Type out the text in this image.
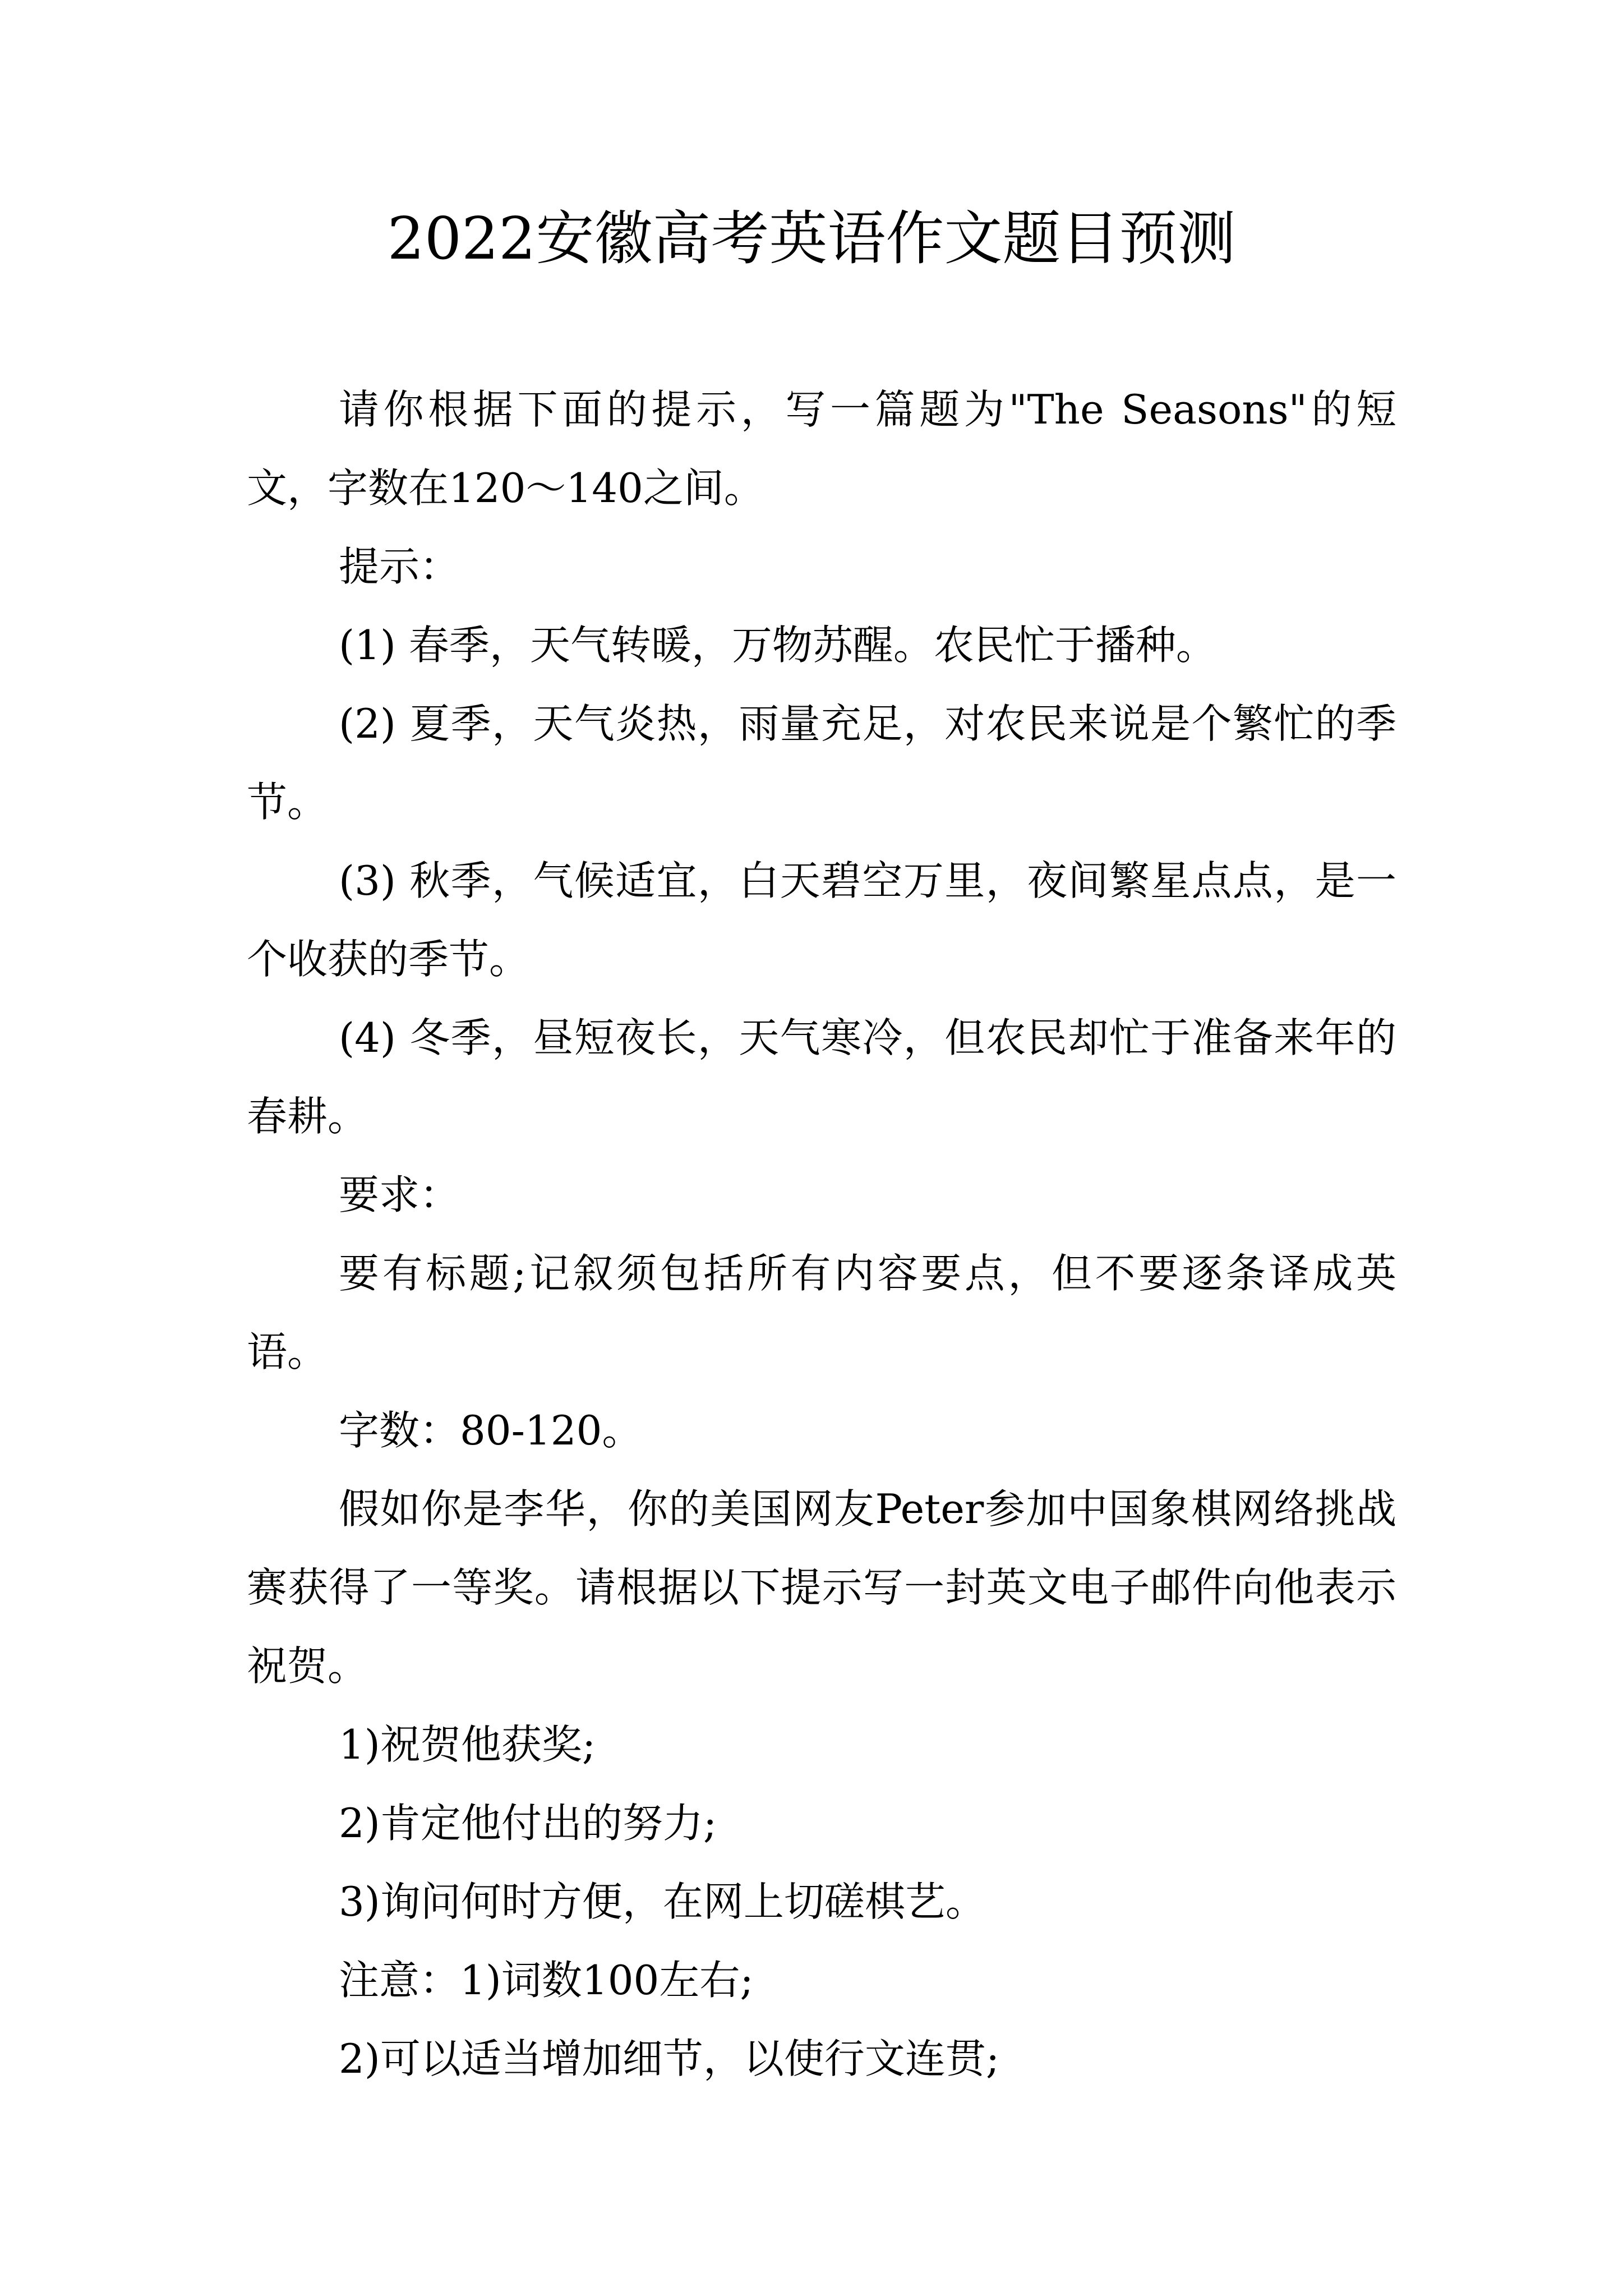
2022安徽高考英语作文题目预测

请你根据下面的提示，写一篇题为"The Seasons"的短文，字数在120～140之间。

提示：

(1) 春季，天气转暖，万物苏醒。农民忙于播种。

(2) 夏季，天气炎热，雨量充足，对农民来说是个繁忙的季节。

(3) 秋季，气候适宜，白天碧空万里，夜间繁星点点，是一个收获的季节。

(4) 冬季，昼短夜长，天气寒冷，但农民却忙于准备来年的春耕。

要求：

要有标题;记叙须包括所有内容要点，但不要逐条译成英语。

字数：80-120。

假如你是李华，你的美国网友Peter参加中国象棋网络挑战赛获得了一等奖。请根据以下提示写一封英文电子邮件向他表示祝贺。

1)祝贺他获奖;

2)肯定他付出的努力;

3)询问何时方便，在网上切磋棋艺。

注意：1)词数100左右;

2)可以适当增加细节，以使行文连贯;
